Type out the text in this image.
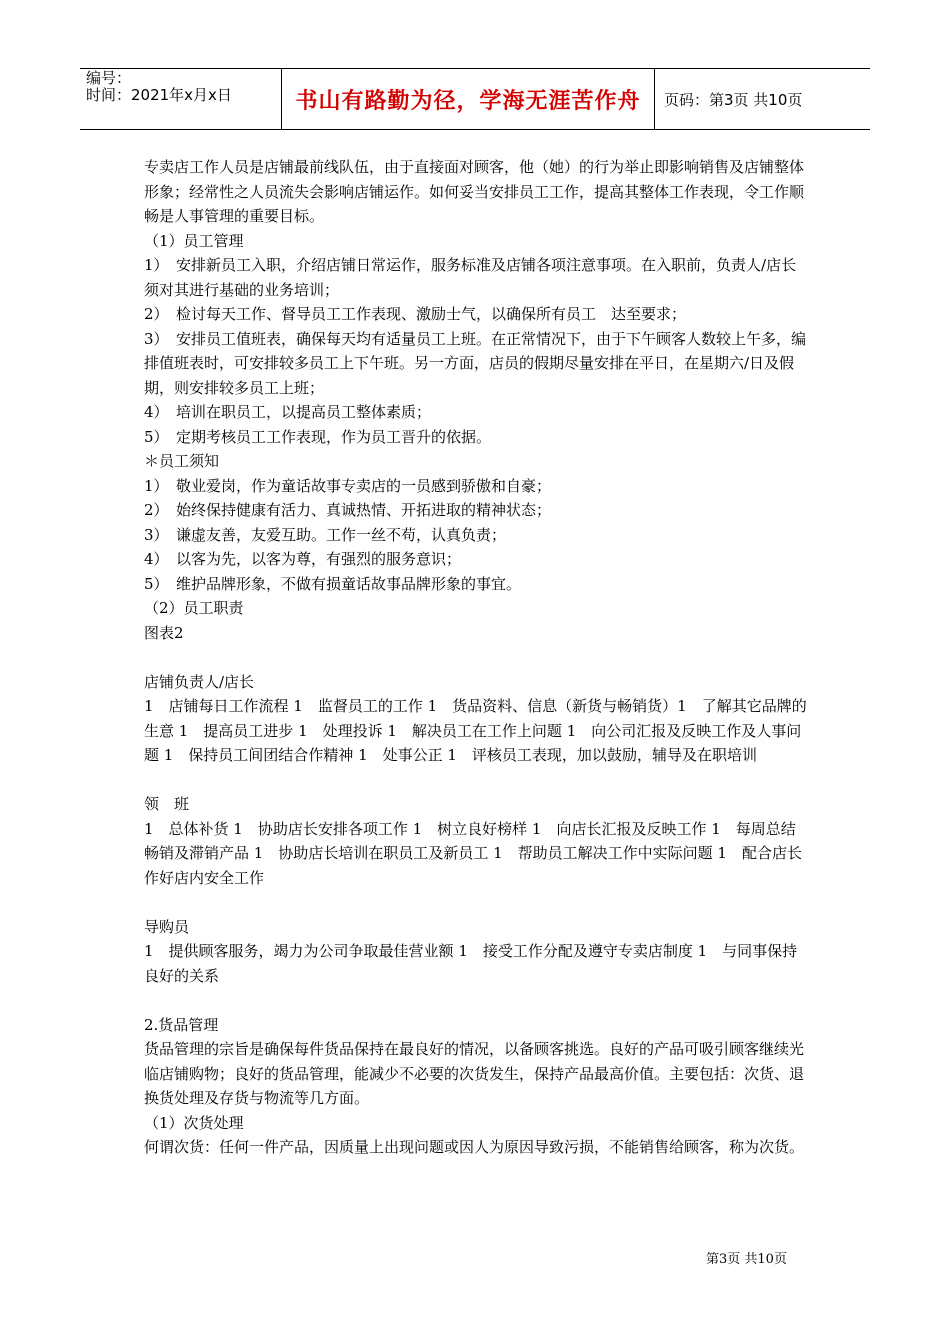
编号：
时间：2021年x月x日	书山有路勤为径，学海无涯苦作舟	页码：第3页 共10页

专卖店工作人员是店铺最前线队伍，由于直接面对顾客，他（她）的行为举止即影响销售及店铺整体形象；经常性之人员流失会影响店铺运作。如何妥当安排员工工作，提高其整体工作表现，令工作顺畅是人事管理的重要目标。

（1）员工管理

1）　安排新员工入职，介绍店铺日常运作，服务标准及店铺各项注意事项。在入职前，负责人/店长须对其进行基础的业务培训；

2）　检讨每天工作、督导员工工作表现、激励士气，以确保所有员工　达至要求；

3）　安排员工值班表，确保每天均有适量员工上班。在正常情况下，由于下午顾客人数较上午多，编排值班表时，可安排较多员工上下午班。另一方面，店员的假期尽量安排在平日，在星期六/日及假期，则安排较多员工上班；

4）　培训在职员工，以提高员工整体素质；

5）　定期考核员工工作表现，作为员工晋升的依据。

＊员工须知

1）　敬业爱岗，作为童话故事专卖店的一员感到骄傲和自豪；

2）　始终保持健康有活力、真诚热情、开拓进取的精神状态；

3）　谦虚友善，友爱互助。工作一丝不苟，认真负责；

4）　以客为先，以客为尊，有强烈的服务意识；

5）　维护品牌形象，不做有损童话故事品牌形象的事宜。

（2）员工职责

图表2

店铺负责人/店长

1　店铺每日工作流程 1　监督员工的工作 1　货品资料、信息（新货与畅销货）1　了解其它品牌的生意 1　提高员工进步 1　处理投诉 1　解决员工在工作上问题 1　向公司汇报及反映工作及人事问题 1　保持员工间团结合作精神 1　处事公正 1　评核员工表现，加以鼓励，辅导及在职培训

领　班

1　总体补货 1　协助店长安排各项工作 1　树立良好榜样 1　向店长汇报及反映工作 1　每周总结畅销及滞销产品 1　协助店长培训在职员工及新员工 1　帮助员工解决工作中实际问题 1　配合店长作好店内安全工作

导购员

1　提供顾客服务，竭力为公司争取最佳营业额 1　接受工作分配及遵守专卖店制度 1　与同事保持良好的关系

2.货品管理

货品管理的宗旨是确保每件货品保持在最良好的情况，以备顾客挑选。良好的产品可吸引顾客继续光临店铺购物；良好的货品管理，能减少不必要的次货发生，保持产品最高价值。主要包括：次货、退换货处理及存货与物流等几方面。

（1）次货处理

何谓次货：任何一件产品，因质量上出现问题或因人为原因导致污损，不能销售给顾客，称为次货。

第3页 共10页
